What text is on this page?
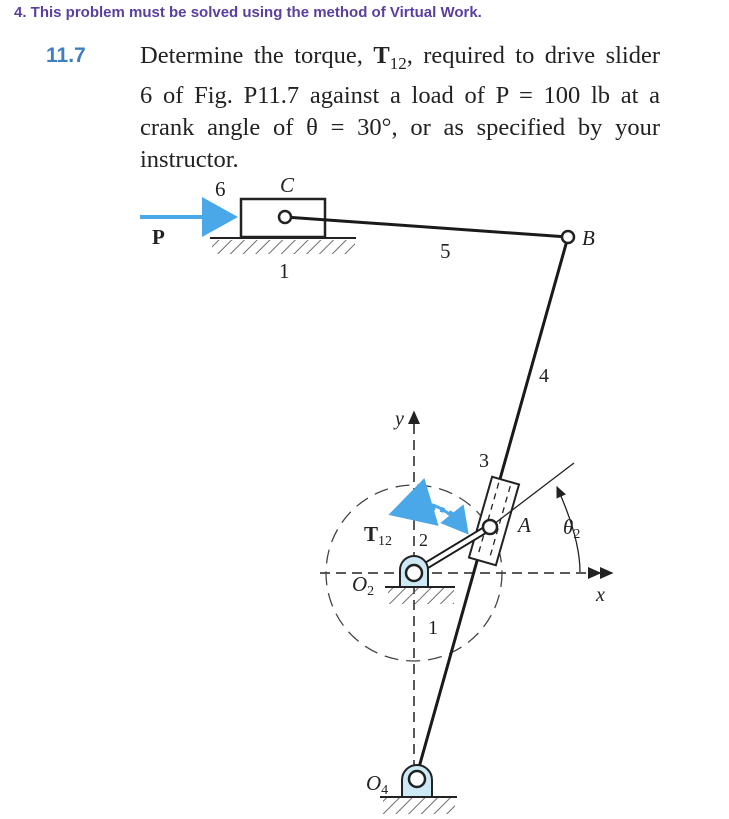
4. This problem must be solved using the method of Virtual Work.
11.7 Determine the torque, $T_{12}$, required to drive slider
6 of Fig. P11.7 against a load of P = 100 lb at a
crank angle of θ = 30°, or as specified by your
instructor.
6	C
P
1
5
B
4
y
3
A θ2
T12 2
O2
1
x
O4
